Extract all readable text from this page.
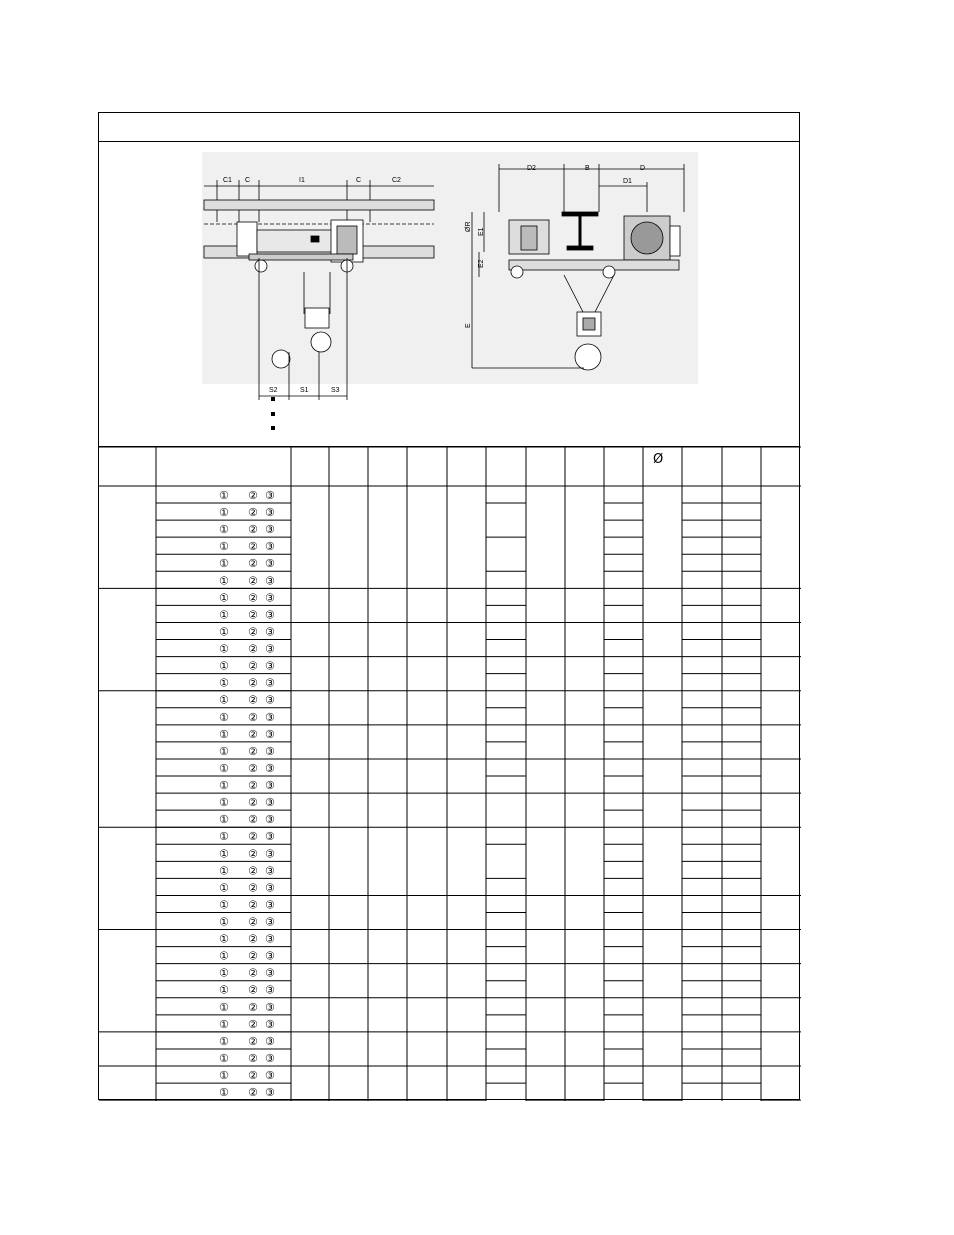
C1 C	I1	C	C2
S2	S1	S3
D2	B	D
D1
ØR E1
E2
E
Ø
① ② ③
① ② ③
① ② ③
① ② ③
① ② ③
① ② ③
① ② ③
① ② ③
① ② ③
① ② ③
① ② ③
① ② ③
① ② ③
① ② ③
① ② ③
① ② ③
① ② ③
① ② ③
① ② ③
① ② ③
① ② ③
① ② ③
① ② ③
① ② ③
① ② ③
① ② ③
① ② ③
① ② ③
① ② ③
① ② ③
① ② ③
① ② ③
① ② ③
① ② ③
① ② ③
① ② ③
